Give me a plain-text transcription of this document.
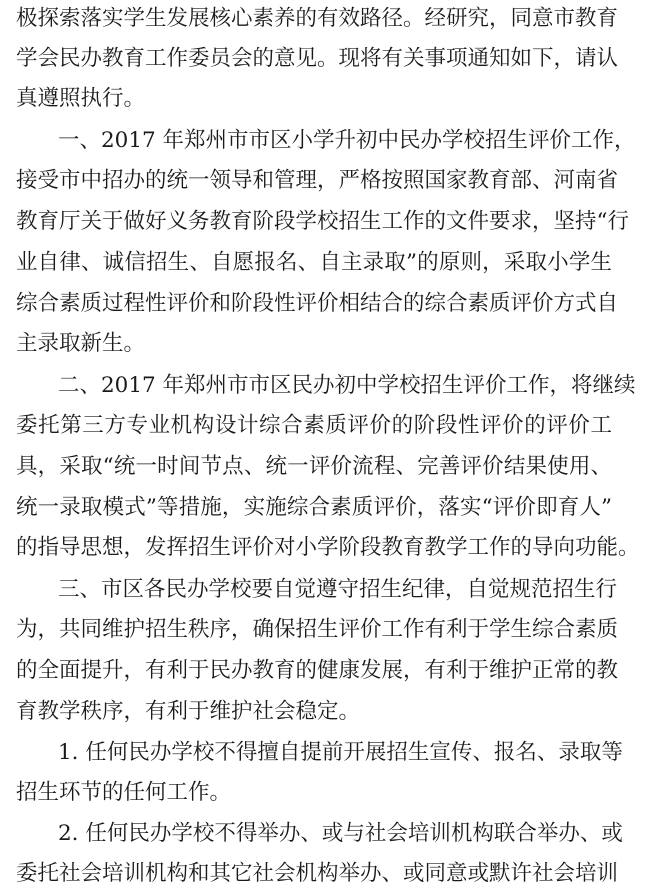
极探索落实学生发展核心素养的有效路径。经研究，同意市教育
学会民办教育工作委员会的意见。现将有关事项通知如下，请认
真遵照执行。
一、2017 年郑州市市区小学升初中民办学校招生评价工作，
接受市中招办的统一领导和管理，严格按照国家教育部、河南省
教育厅关于做好义务教育阶段学校招生工作的文件要求，坚持“行
业自律、诚信招生、自愿报名、自主录取”的原则，采取小学生
综合素质过程性评价和阶段性评价相结合的综合素质评价方式自
主录取新生。
二、2017 年郑州市市区民办初中学校招生评价工作，将继续
委托第三方专业机构设计综合素质评价的阶段性评价的评价工
具，采取“统一时间节点、统一评价流程、完善评价结果使用、
统一录取模式”等措施，实施综合素质评价，落实“评价即育人”
的指导思想，发挥招生评价对小学阶段教育教学工作的导向功能。
三、市区各民办学校要自觉遵守招生纪律，自觉规范招生行
为，共同维护招生秩序，确保招生评价工作有利于学生综合素质
的全面提升，有利于民办教育的健康发展，有利于维护正常的教
育教学秩序，有利于维护社会稳定。
1. 任何民办学校不得擅自提前开展招生宣传、报名、录取等
招生环节的任何工作。
2. 任何民办学校不得举办、或与社会培训机构联合举办、或
委托社会培训机构和其它社会机构举办、或同意或默许社会培训
